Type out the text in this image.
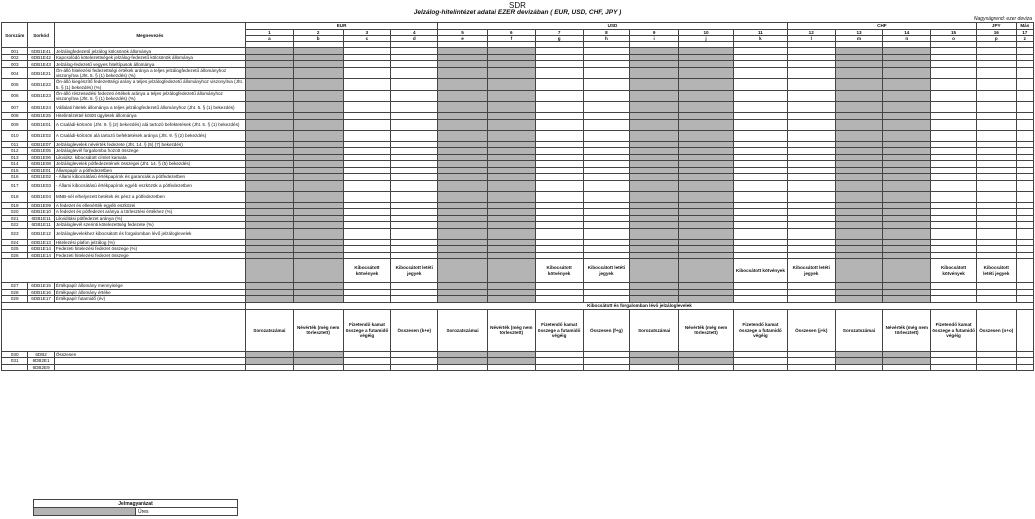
SDR
Jelzálog-hitelintézet adatai EZER devizában ( EUR, USD, CHF, JPY )
Nagyságrend: ezer deviza
Sorszám	Sorkód	Megnevezés	EUR				USD							CHF				JPY	Más
			1	2	3	4	5	6	7	8	9	10	11	12	13	14	15	16	17
			a	b	c	d	e	f	g	h	i	j	k	l	m	n	o	p	z

001	6DB1E41	Jelzálogfedezetű jelzálog kölcsönök állománya																	
002	6DB1E42	Kapcsolódó kötelezettségek jelzálog-fedezetű kölcsönök állománya																	
003	6DB1E43	Jelzálog-fedezetű vegyes hiteltípusok állománya																	
004	6DB1E21	Ön-álló hitelezési fedezettségi értékek aránya a teljes jelzálogfedezetű állományhoz viszonyítva (Jht. 5. § (1) bekezdés) (%)																	
005	6DB1E22	Ön-álló kiegészítő fedezettségi arány a teljes jelzálogfedezetű állományhoz viszonyítva (Jht. 5. § (1) bekezdés) (%)																	
006	6DB1E23	Ön-álló részesedési fedezeti értékek aránya a teljes jelzálogfedezetű állományhoz viszonyítva (Jht. 5. § (1) bekezdés) (%)																	
007	6DB1E24	Vállalati hitelek állománya a teljes jelzálogfedezetű állományhoz (Jht. 5. § (1) bekezdés)																	
008	6DB1E25	Hitelintézettel kötött ügyletek állománya																	
009	6DB1E01	A Családi-kölcsön (Jht. 9. § (2) bekezdés) alá tartozó befektetések (Jht. 5. § (1) bekezdés)																	
010	6DB1E02	A Családi-kölcsön alá tartozó befektetések aránya (Jht. 9. § (2) bekezdés)																	
011	6DB1E07	Jelzáloglevelek névérték fedezete (Jht. 14. § (5) (7) bekezdés)																	
012	6DB1E05	Jelzáloglevél forgalomba hozott összege																	
013	6DB1E06	Likvidsz. kibocsátott címlet kamata																	
014	6DB1E08	Jelzáloglevelek pótfedezetének összegei (Jht. 14. § (5) bekezdés)																	
015	6DB1E01	Állampapír a pótfedezetben																	
016	6DB1E02	- Állami kibocsátású értékpapírok és garanciák a pótfedezetben																	
017	6DB1E03	- Állami kibocsátású értékpapírok egyéb eszközök a pótfedezetben																	
018	6DB1E04	MNB-nél elhelyezett betétek és pénz a pótfedezetben																	
019	6DB1E09	A fedezet és ellenérték egyéb eszközei																	
020	6DB1E10	A fedezet és pótfedezet aránya a törlesztési értékhez (%)																	
021	6DB1E11	Likviditási pótfedezet aránya (%)																	
022	6DB1E11	Jelzáloglevél szerinti kötelezettség fedezete (%)																	
023	6DB1E12	Jelzáloglevelekhez kibocsátott és forgalomban lévő jelzáloglevelek																	
024	6DB1E13	Hitelezési plafon jelzálog (%)																	
025	6DB1E14	Fedezeti hitelezési fedezet összege (%)																	
026	6DB1E14	Fedezeti hitelezési fedezet összege																	
					Kibocsátott kötvények	Kibocsátott letéti jegyek			Kibocsátott kötvények	Kibocsátott letéti jegyek			Kibocsátott kötvények	Kibocsátott letéti jegyek			Kibocsátott kötvények	Kibocsátott letéti jegyek	
027	6DB1E15	Értékpapír állomány mennyisége																	
028	6DB1E16	Értékpapír állomány értéke																	
029	6DB1E17	Értékpapír futamidő (év)																	
			Kibocsátott és forgalomban lévő jelzáloglevelek																
			Sorozatszámai	Névérték (még nem törlesztett)	Fizetendő kamat összege a futamidő végéig	Összesen (k+e)	Sorozatszámai	Névérték (még nem törlesztett)	Fizetendő kamat összege a futamidő végéig	Összesen (f+g)	Sorozatszámai	Névérték (még nem törlesztett)	Fizetendő kamat összege a futamidő végéig	Összesen (j+k)	Sorozatszámai	Névérték (még nem törlesztett)	Fizetendő kamat összege a futamidő végéig	Összesen (n+o)	
030	6DB2	Összesen																	
031	6DB2E1																		
	6DB2E9																		
Jelmagyarázat
	Üres
